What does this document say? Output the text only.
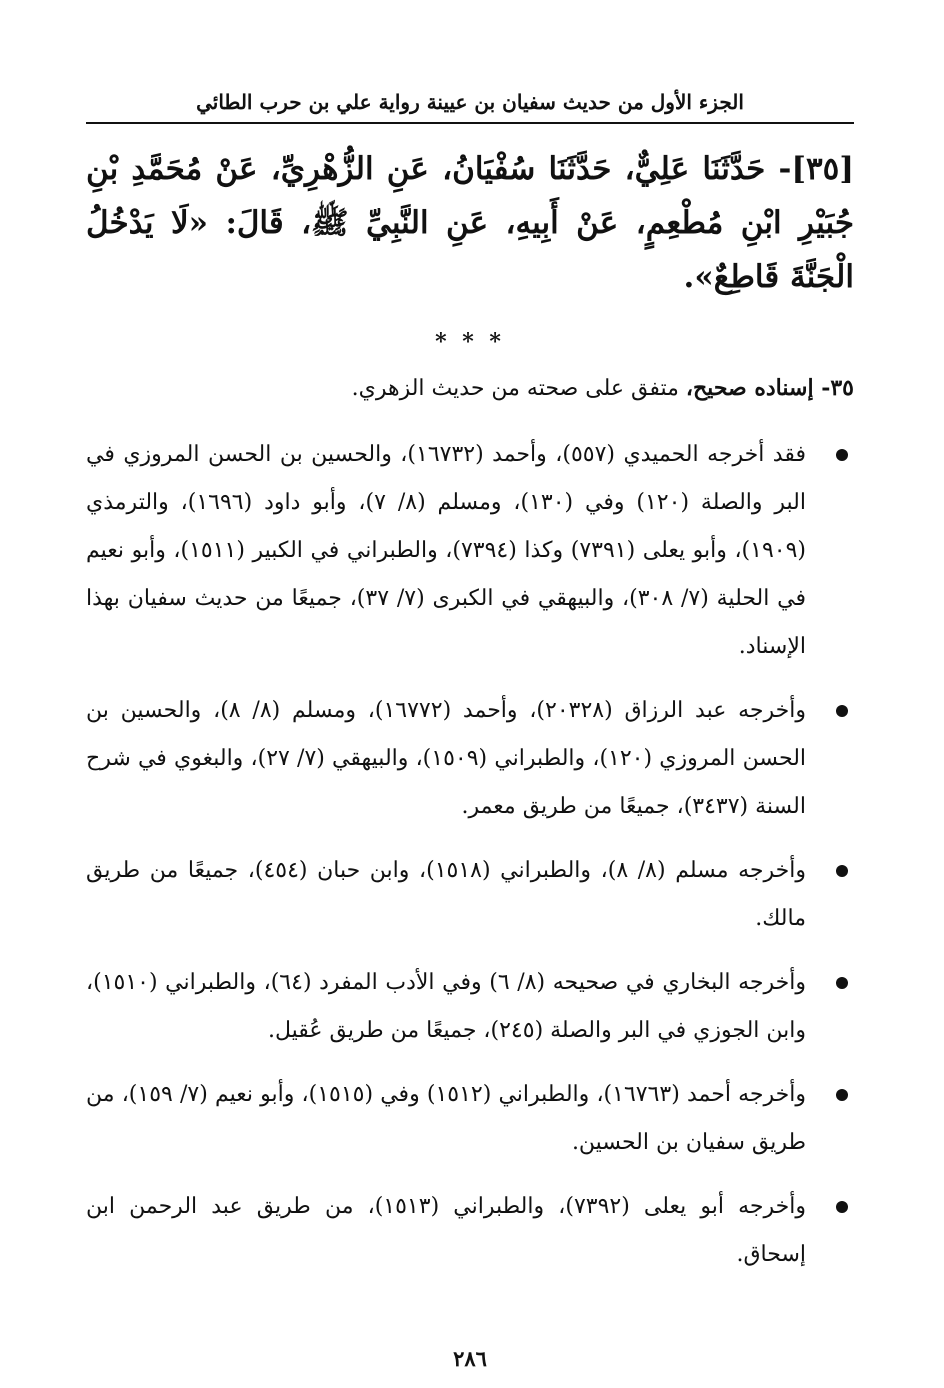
الجزء الأول من حديث سفيان بن عيينة رواية علي بن حرب الطائي

[٣٥]- حَدَّثَنَا عَلِيٌّ، حَدَّثَنَا سُفْيَانُ، عَنِ الزُّهْرِيِّ، عَنْ مُحَمَّدِ بْنِ جُبَيْرِ ابْنِ مُطْعِمٍ، عَنْ أَبِيهِ، عَنِ النَّبِيِّ ﷺ، قَالَ: «لَا يَدْخُلُ الْجَنَّةَ قَاطِعٌ».

* * *

٣٥- إسناده صحيح، متفق على صحته من حديث الزهري.

فقد أخرجه الحميدي (٥٥٧)، وأحمد (١٦٧٣٢)، والحسين بن الحسن المروزي في البر والصلة (١٢٠) وفي (١٣٠)، ومسلم (٨/ ٧)، وأبو داود (١٦٩٦)، والترمذي (١٩٠٩)، وأبو يعلى (٧٣٩١) وكذا (٧٣٩٤)، والطبراني في الكبير (١٥١١)، وأبو نعيم في الحلية (٧/ ٣٠٨)، والبيهقي في الكبرى (٧/ ٣٧)، جميعًا من حديث سفيان بهذا الإسناد.
وأخرجه عبد الرزاق (٢٠٣٢٨)، وأحمد (١٦٧٧٢)، ومسلم (٨/ ٨)، والحسين بن الحسن المروزي (١٢٠)، والطبراني (١٥٠٩)، والبيهقي (٧/ ٢٧)، والبغوي في شرح السنة (٣٤٣٧)، جميعًا من طريق معمر.
وأخرجه مسلم (٨/ ٨)، والطبراني (١٥١٨)، وابن حبان (٤٥٤)، جميعًا من طريق مالك.
وأخرجه البخاري في صحيحه (٨/ ٦) وفي الأدب المفرد (٦٤)، والطبراني (١٥١٠)، وابن الجوزي في البر والصلة (٢٤٥)، جميعًا من طريق عُقيل.
وأخرجه أحمد (١٦٧٦٣)، والطبراني (١٥١٢) وفي (١٥١٥)، وأبو نعيم (٧/ ١٥٩)، من طريق سفيان بن الحسين.
وأخرجه أبو يعلى (٧٣٩٢)، والطبراني (١٥١٣)، من طريق عبد الرحمن ابن إسحاق.
٢٨٦
